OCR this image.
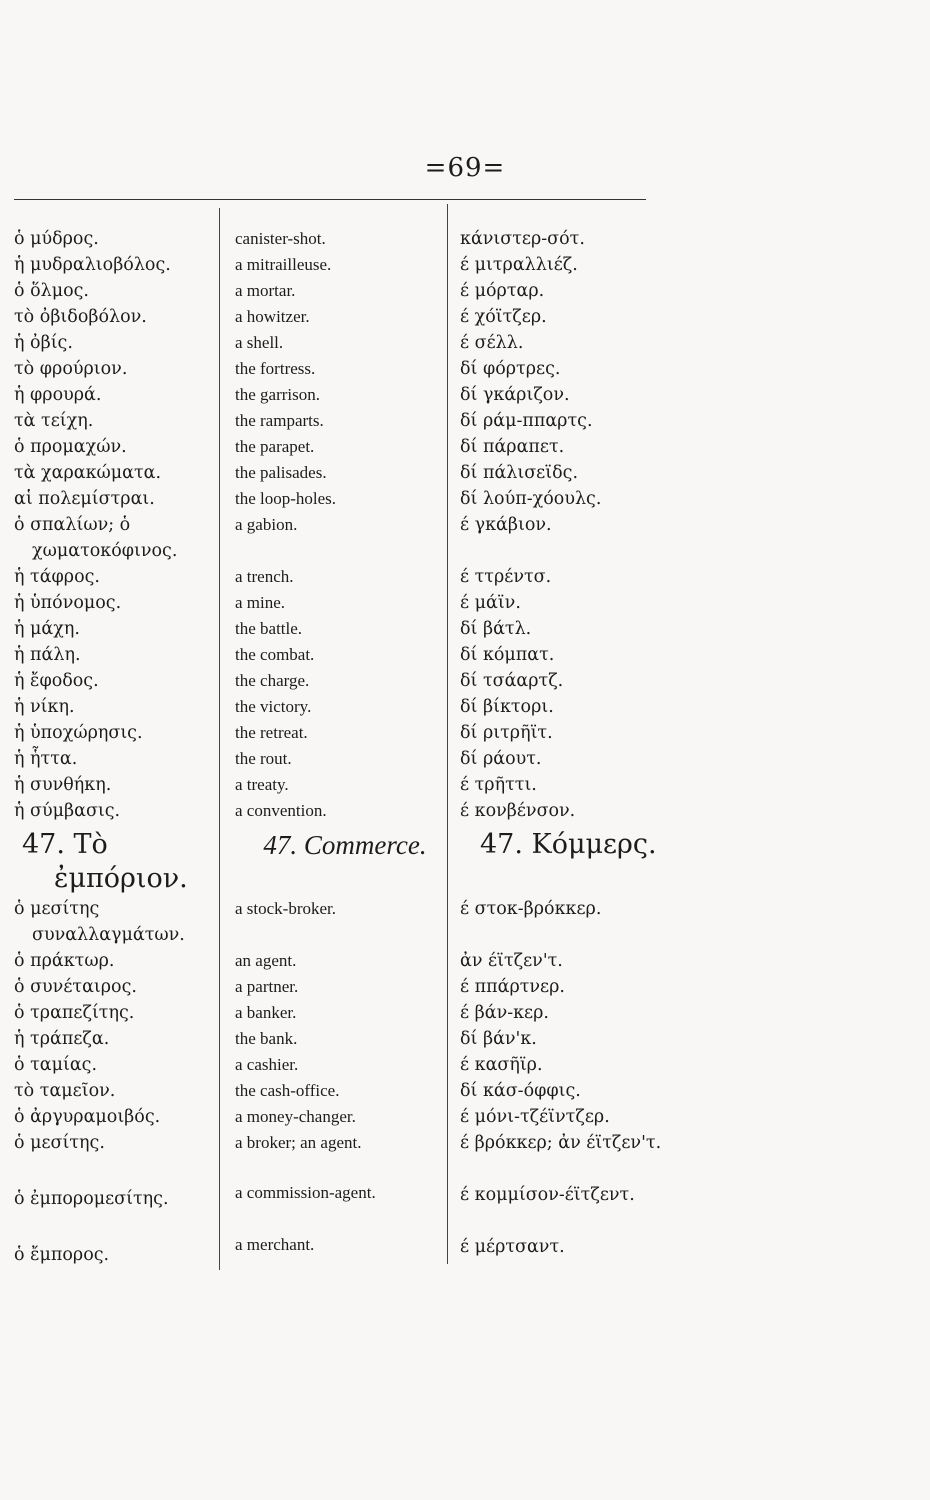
=69=
ὁ μύδρος.
ἡ μυδραλιοβόλος.
ὁ ὅλμος.
τὸ ὀβιδοβόλον.
ἡ ὀβίς.
τὸ φρούριον.
ἡ φρουρά.
τὰ τείχη.
ὁ προμαχών.
τὰ χαρακώματα.
αἱ πολεμίστραι.
ὁ σπαλίων; ὁ χωματοκόφινος.
ἡ τάφρος.
ἡ ὑπόνομος.
ἡ μάχη.
ἡ πάλη.
ἡ ἔφοδος.
ἡ νίκη.
ἡ ὑποχώρησις.
ἡ ἧττα.
ἡ συνθήκη.
ἡ σύμβασις.
47. Τὸ ἐμπόριον.
ὁ μεσίτης συναλλαγμάτων.
ὁ πράκτωρ.
ὁ συνέταιρος.
ὁ τραπεζίτης.
ἡ τράπεζα.
ὁ ταμίας.
τὸ ταμεῖον.
ὁ ἀργυραμοιβός.
ὁ μεσίτης.
ὁ ἐμπορομεσίτης.
ὁ ἔμπορος.
canister-shot.
a mitrailleuse.
a mortar.
a howitzer.
a shell.
the fortress.
the garrison.
the ramparts.
the parapet.
the palisades.
the loop-holes.
a gabion.
a trench.
a mine.
the battle.
the combat.
the charge.
the victory.
the retreat.
the rout.
a treaty.
a convention.
47. Commerce.
a stock-broker.
an agent.
a partner.
a banker.
the bank.
a cashier.
the cash-office.
a money-changer.
a broker; an agent.
a commission-agent.
a merchant.
κάνιστερ-σότ.
έ μιτραλλιέζ.
έ μόρταρ.
έ χόϊτζερ.
έ σέλλ.
δί φόρτρες.
δί γκάριζον.
δί ράμ-ππαρτς.
δί πάραπετ.
δί πάλισεϊδς.
δί λούπ-χόουλς.
έ γκάβιον.
έ ττρέντσ.
έ μάϊν.
δί βάτλ.
δί κόμπατ.
δί τσάαρτζ.
δί βίκτορι.
δί ριτρῆϊτ.
δί ράουτ.
έ τρῆττι.
έ κονβένσον.
47. Κόμμερς.
έ στοκ-βρόκκερ.
ἀν έϊτζεν'τ.
έ ππάρτνερ.
έ βάν-κερ.
δί βάν'κ.
έ κασῆϊρ.
δί κάσ-όφφις.
έ μόνι-τζέϊντζερ.
έ βρόκκερ; ἀν έϊτζεν'τ.
έ κομμίσον-έϊτζεντ.
έ μέρτσαντ.
